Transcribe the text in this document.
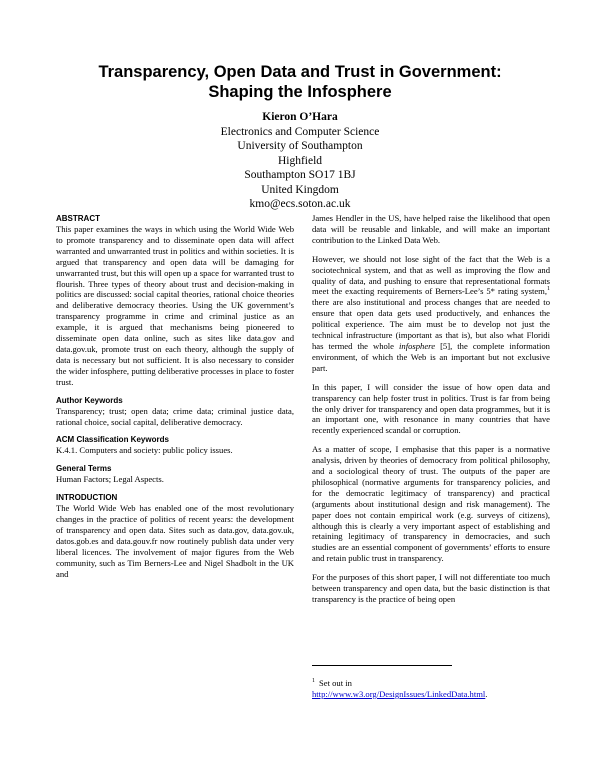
Transparency, Open Data and Trust in Government:
Shaping the Infosphere
Kieron O’Hara
Electronics and Computer Science
University of Southampton
Highfield
Southampton SO17 1BJ
United Kingdom
kmo@ecs.soton.ac.uk
ABSTRACT

This paper examines the ways in which using the World Wide Web to promote transparency and to disseminate open data will affect warranted and unwarranted trust in politics and within societies. It is argued that transparency and open data will be damaging for unwarranted trust, but this will open up a space for warranted trust to flourish. Three types of theory about trust and decision-making in politics are discussed: social capital theories, rational choice theories and deliberative democracy theories. Using the UK government’s transparency programme in crime and criminal justice as an example, it is argued that mechanisms being pioneered to disseminate open data online, such as sites like data.gov and data.gov.uk, promote trust on each theory, although the supply of data is necessary but not sufficient. It is also necessary to consider the wider infosphere, putting deliberative processes in place to foster trust.

Author Keywords

Transparency; trust; open data; crime data; criminal justice data, rational choice, social capital, deliberative democracy.

ACM Classification Keywords

K.4.1. Computers and society: public policy issues.

General Terms

Human Factors; Legal Aspects.

INTRODUCTION

The World Wide Web has enabled one of the most revolutionary changes in the practice of politics of recent years: the development of transparency and open data. Sites such as data.gov, data.gov.uk, datos.gob.es and data.gouv.fr now routinely publish data under very liberal licences. The involvement of major figures from the Web community, such as Tim Berners-Lee and Nigel Shadbolt in the UK and

James Hendler in the US, have helped raise the likelihood that open data will be reusable and linkable, and will make an important contribution to the Linked Data Web.

However, we should not lose sight of the fact that the Web is a sociotechnical system, and that as well as improving the flow and quality of data, and pushing to ensure that representational formats meet the exacting requirements of Berners-Lee’s 5* rating system,$^1$ there are also institutional and process changes that are needed to ensure that open data gets used productively, and enhances the political experience. The aim must be to develop not just the technical infrastructure (important as that is), but also what Floridi has termed the whole infosphere [5], the complete information environment, of which the Web is an important but not exclusive part.

In this paper, I will consider the issue of how open data and transparency can help foster trust in politics. Trust is far from being the only driver for transparency and open data programmes, but it is an important one, with resonance in many countries that have recently experienced scandal or corruption.

As a matter of scope, I emphasise that this paper is a normative analysis, driven by theories of democracy from political philosophy, and a sociological theory of trust. The outputs of the paper are philosophical (normative arguments for transparency policies, and for the democratic legitimacy of transparency) and practical (arguments about institutional design and risk management). The paper does not contain empirical work (e.g. surveys of citizens), although this is clearly a very important aspect of establishing and retaining legitimacy of transparency in democracies, and such studies are an essential component of governments’ efforts to ensure and retain public trust in transparency.

For the purposes of this short paper, I will not differentiate too much between transparency and open data, but the basic distinction is that transparency is the practice of being open

$^1$ Set out in
http://www.w3.org/DesignIssues/LinkedData.html.
